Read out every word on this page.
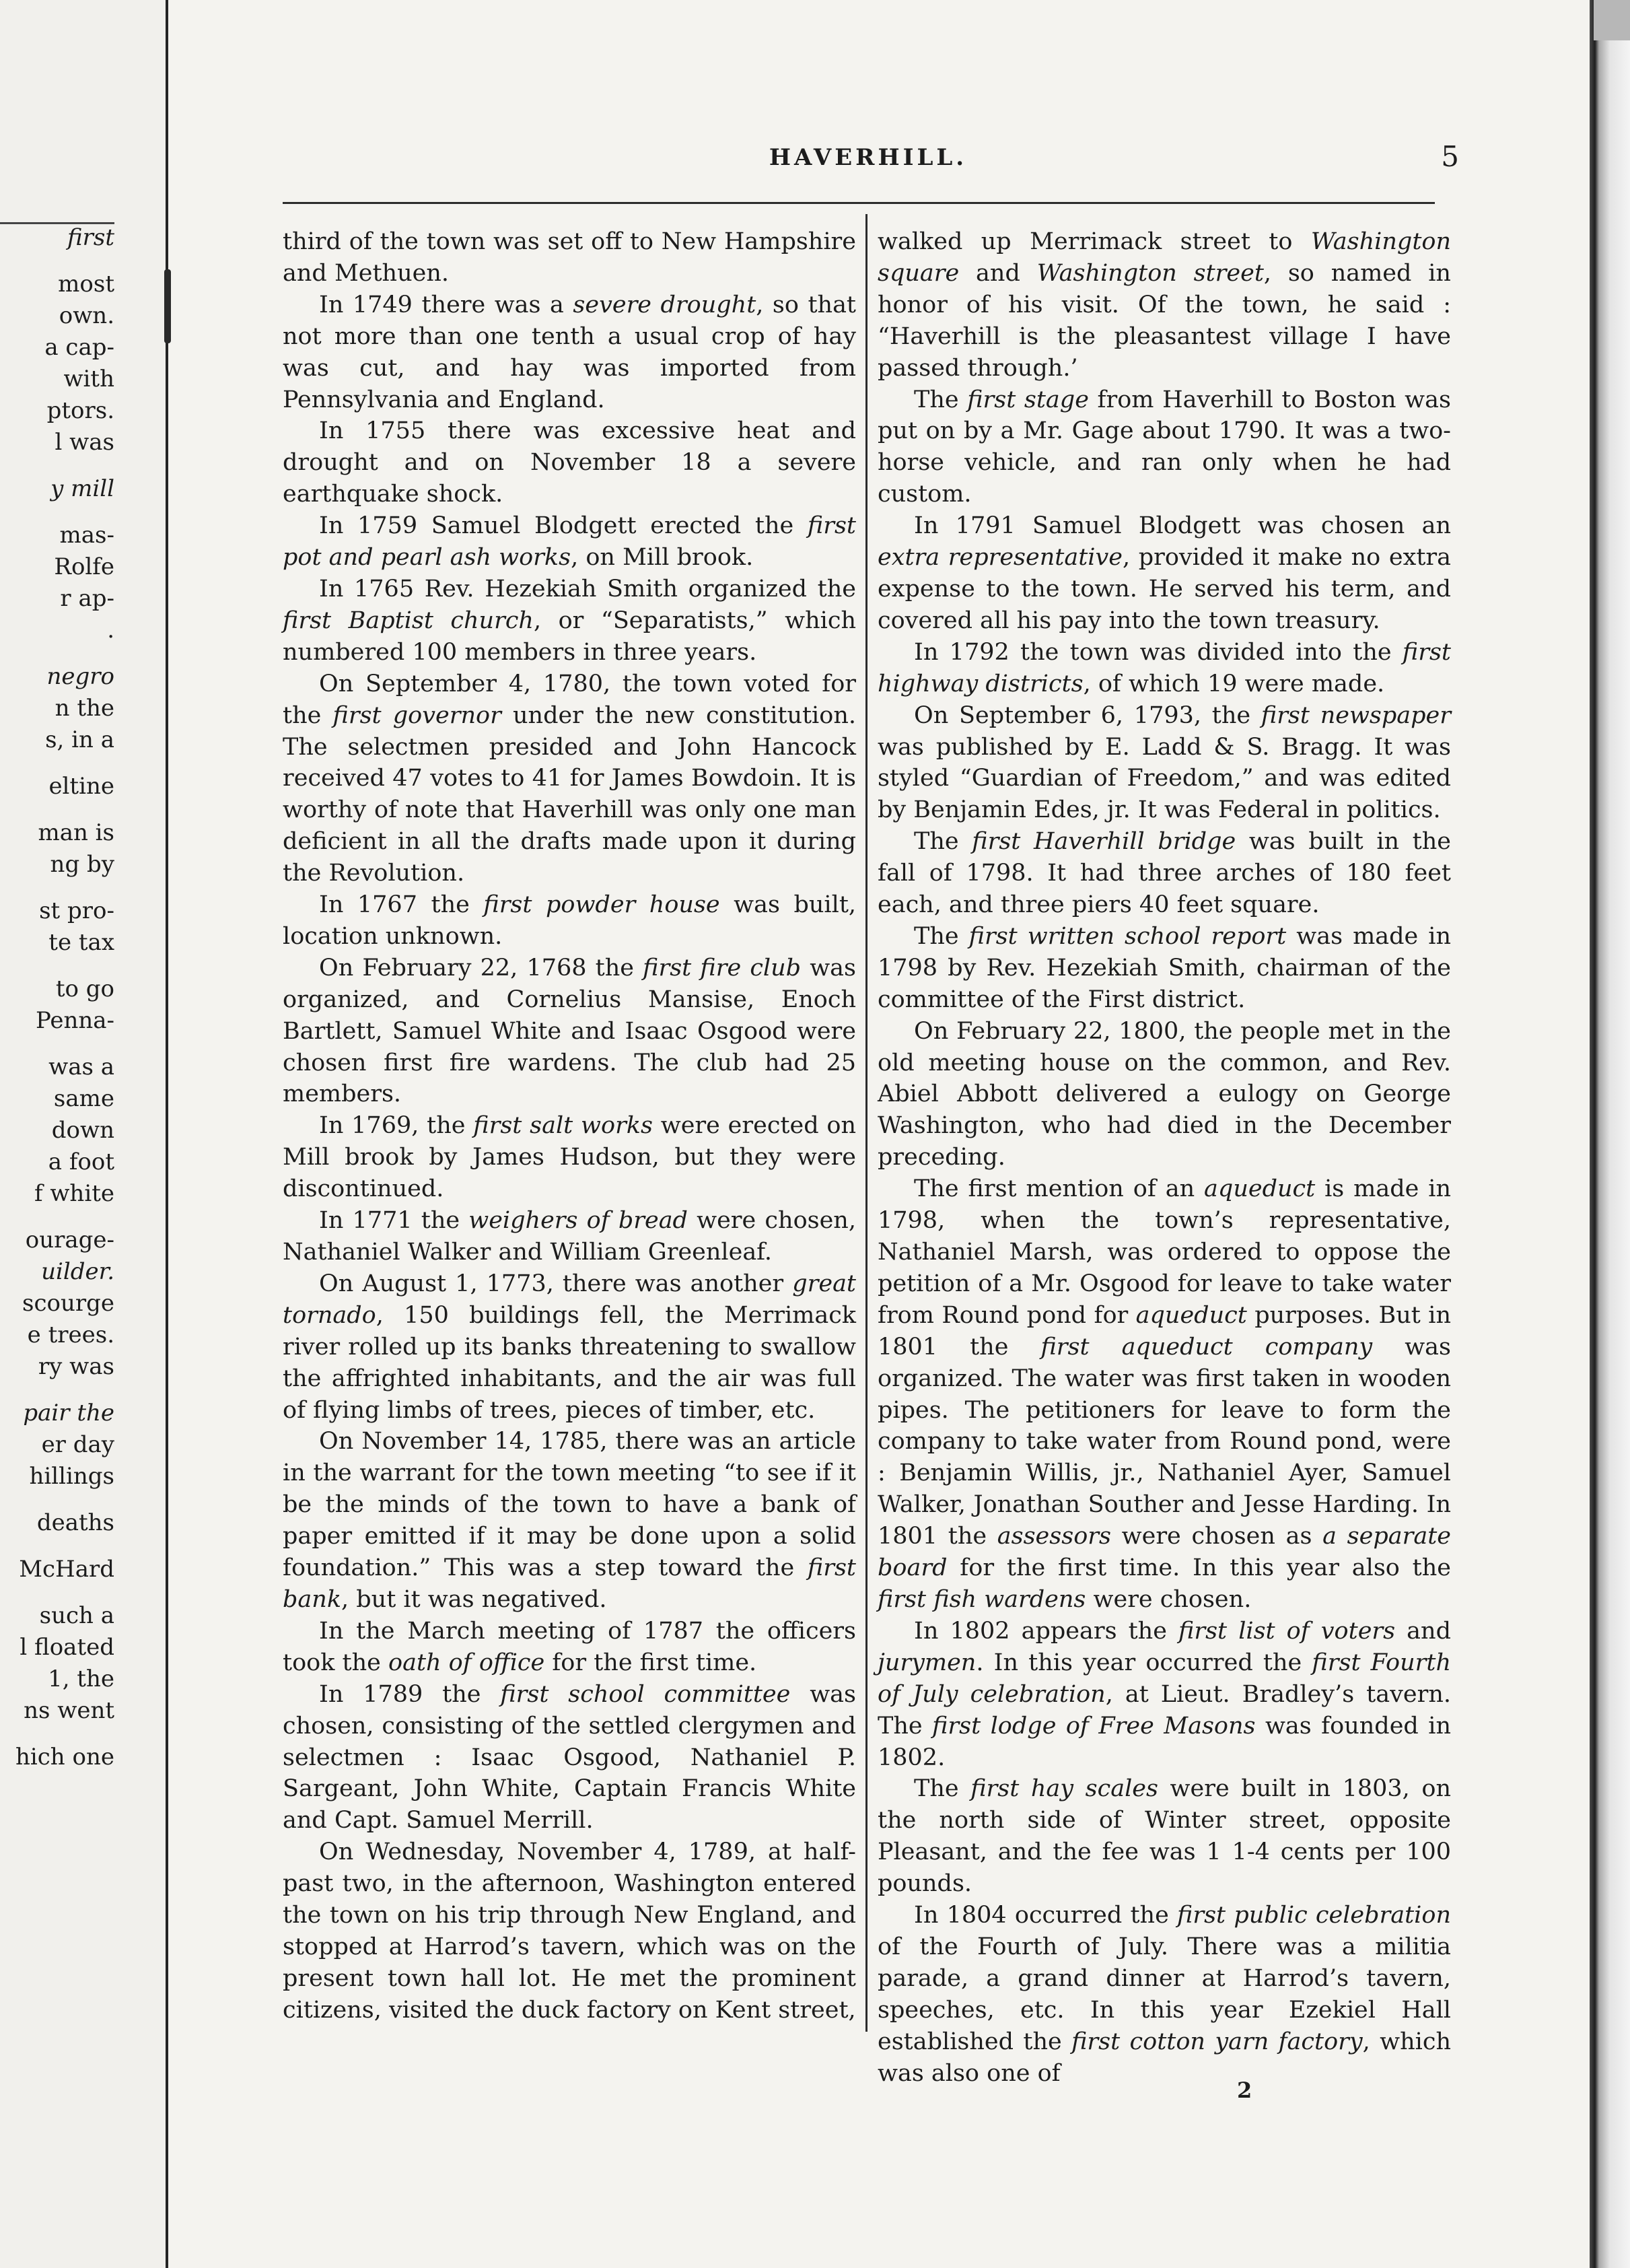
first
most
own.
a cap-
with
ptors.
l was
y mill
mas-
Rolfe
r ap-
.
negro
n the
s, in a
eltine
man is
ng by
st pro-
te tax
to go
Penna-
was a
same
down
a foot
f white
ourage-
uilder.
scourge
e trees.
ry was
pair the
er day
hillings
deaths
McHard
such a
l floated
1, the
ns went
hich one
HAVERHILL.	5

third of the town was set off to New Hampshire and Methuen.

In 1749 there was a severe drought, so that not more than one tenth a usual crop of hay was cut, and hay was imported from Pennsylvania and England.

In 1755 there was excessive heat and drought and on November 18 a severe earthquake shock.

In 1759 Samuel Blodgett erected the first pot and pearl ash works, on Mill brook.

In 1765 Rev. Hezekiah Smith organized the first Baptist church, or “Separatists,” which numbered 100 members in three years.

On September 4, 1780, the town voted for the first governor under the new constitution. The selectmen presided and John Hancock received 47 votes to 41 for James Bowdoin. It is worthy of note that Haverhill was only one man deficient in all the drafts made upon it during the Revolution.

In 1767 the first powder house was built, location unknown.

On February 22, 1768 the first fire club was organized, and Cornelius Mansise, Enoch Bartlett, Samuel White and Isaac Osgood were chosen first fire wardens. The club had 25 members.

In 1769, the first salt works were erected on Mill brook by James Hudson, but they were discontinued.

In 1771 the weighers of bread were chosen, Nathaniel Walker and William Greenleaf.

On August 1, 1773, there was another great tornado, 150 buildings fell, the Merrimack river rolled up its banks threatening to swallow the affrighted inhabitants, and the air was full of flying limbs of trees, pieces of timber, etc.

On November 14, 1785, there was an article in the warrant for the town meeting “to see if it be the minds of the town to have a bank of paper emitted if it may be done upon a solid foundation.” This was a step toward the first bank, but it was negatived.

In the March meeting of 1787 the officers took the oath of office for the first time.

In 1789 the first school committee was chosen, consisting of the settled clergymen and selectmen : Isaac Osgood, Nathaniel P. Sargeant, John White, Captain Francis White and Capt. Samuel Merrill.

On Wednesday, November 4, 1789, at half-past two, in the afternoon, Washington entered the town on his trip through New England, and stopped at Harrod’s tavern, which was on the present town hall lot. He met the prominent citizens, visited the duck factory on Kent street,

walked up Merrimack street to Washington square and Washington street, so named in honor of his visit. Of the town, he said : “Haverhill is the pleasantest village I have passed through.’

The first stage from Haverhill to Boston was put on by a Mr. Gage about 1790. It was a two-horse vehicle, and ran only when he had custom.

In 1791 Samuel Blodgett was chosen an extra representative, provided it make no extra expense to the town. He served his term, and covered all his pay into the town treasury.

In 1792 the town was divided into the first highway districts, of which 19 were made.

On September 6, 1793, the first newspaper was published by E. Ladd & S. Bragg. It was styled “Guardian of Freedom,” and was edited by Benjamin Edes, jr. It was Federal in politics.

The first Haverhill bridge was built in the fall of 1798. It had three arches of 180 feet each, and three piers 40 feet square.

The first written school report was made in 1798 by Rev. Hezekiah Smith, chairman of the committee of the First district.

On February 22, 1800, the people met in the old meeting house on the common, and Rev. Abiel Abbott delivered a eulogy on George Washington, who had died in the December preceding.

The first mention of an aqueduct is made in 1798, when the town’s representative, Nathaniel Marsh, was ordered to oppose the petition of a Mr. Osgood for leave to take water from Round pond for aqueduct purposes. But in 1801 the first aqueduct company was organized. The water was first taken in wooden pipes. The petitioners for leave to form the company to take water from Round pond, were : Benjamin Willis, jr., Nathaniel Ayer, Samuel Walker, Jonathan Souther and Jesse Harding. In 1801 the assessors were chosen as a separate board for the first time. In this year also the first fish wardens were chosen.

In 1802 appears the first list of voters and jurymen. In this year occurred the first Fourth of July celebration, at Lieut. Bradley’s tavern. The first lodge of Free Masons was founded in 1802.

The first hay scales were built in 1803, on the north side of Winter street, opposite Pleasant, and the fee was 1 1-4 cents per 100 pounds.

In 1804 occurred the first public celebration of the Fourth of July. There was a militia parade, a grand dinner at Harrod’s tavern, speeches, etc. In this year Ezekiel Hall established the first cotton yarn factory, which was also one of

2
